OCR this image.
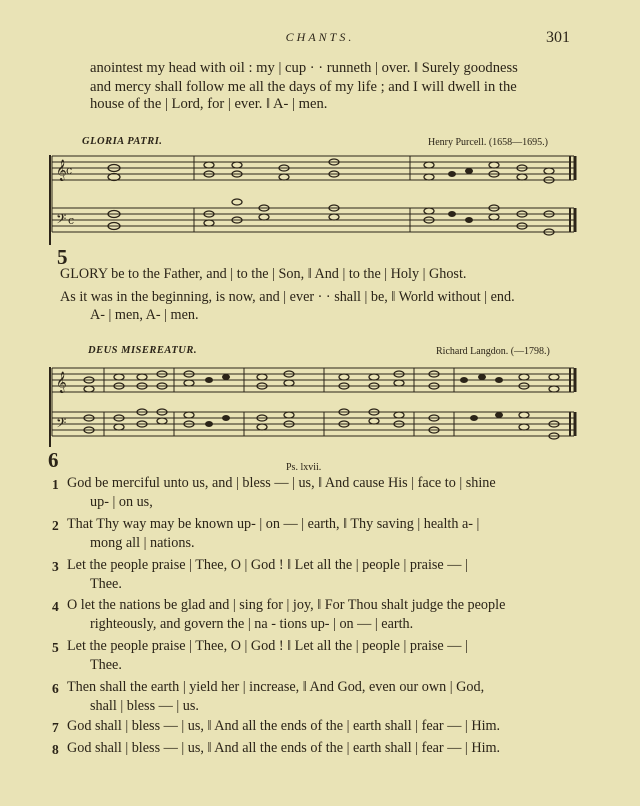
CHANTS.	301
anointest my head with oil : my | cup · · runneth | over. ‖ Surely goodness
and mercy shall follow me all the days of my life ; and I will dwell in the
house of the | Lord, for | ever. ‖ A- | men.
GLORIA PATRI.	Henry Purcell. (1658—1695.)
𝄞 c
𝄢 c
5
GLORY be to the Father, and | to the | Son, ‖ And | to the | Holy | Ghost.
As it was in the beginning, is now, and | ever · · shall | be, ‖ World without | end.
A- | men, A- | men.
DEUS MISEREATUR.	Richard Langdon. (—1798.)
𝄞
𝄢
6	Ps. lxvii.
1 God be merciful unto us, and | bless — | us, ‖ And cause His | face to | shine
up- | on us,
2 That Thy way may be known up- | on — | earth, ‖ Thy saving | health a- |
mong all | nations.
3 Let the people praise | Thee, O | God ! ‖ Let all the | people | praise — |
Thee.
4 O let the nations be glad and | sing for | joy, ‖ For Thou shalt judge the people
righteously, and govern the | na - tions up- | on — | earth.
5 Let the people praise | Thee, O | God ! ‖ Let all the | people | praise — |
Thee.
6 Then shall the earth | yield her | increase, ‖ And God, even our own | God,
shall | bless — | us.
7 God shall | bless — | us, ‖ And all the ends of the | earth shall | fear — | Him.
8 God shall | bless — | us, ‖ And all the ends of the | earth shall | fear — | Him.
